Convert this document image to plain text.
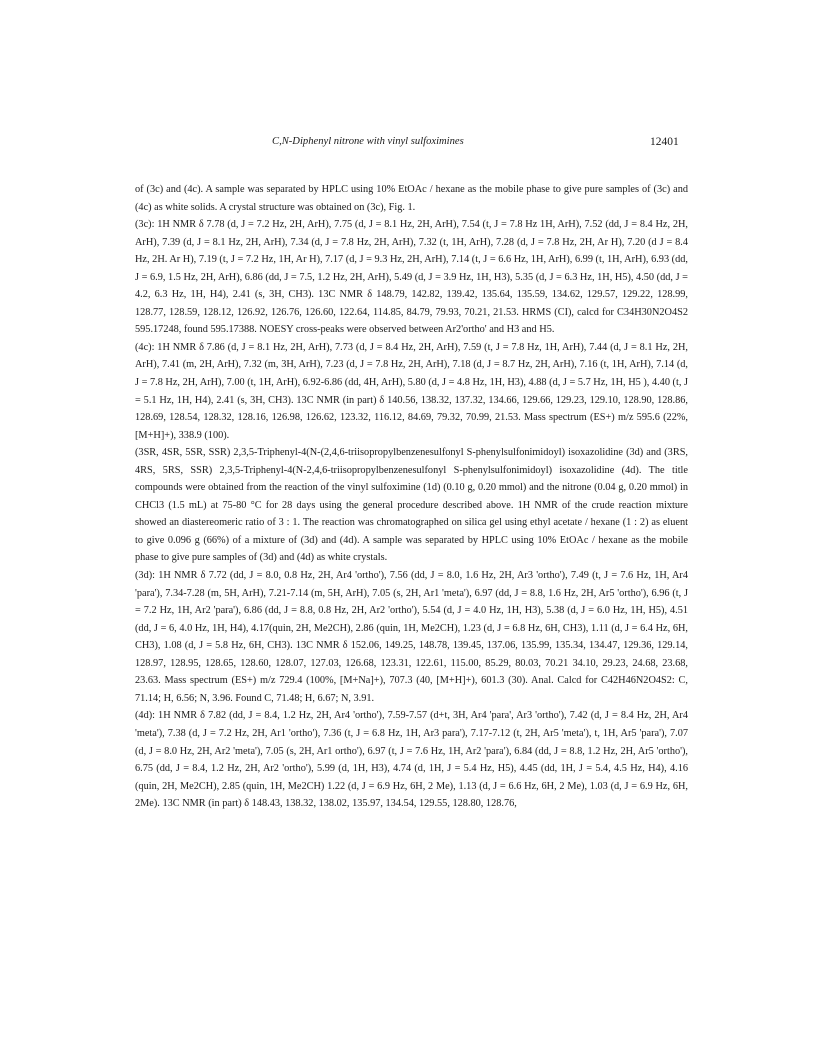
C,N-Diphenyl nitrone with vinyl sulfoximines	12401

of (3c) and (4c). A sample was separated by HPLC using 10% EtOAc / hexane as the mobile phase to give pure samples of (3c) and (4c) as white solids. A crystal structure was obtained on (3c), Fig. 1.

(3c): 1H NMR δ 7.78 (d, J = 7.2 Hz, 2H, ArH), 7.75 (d, J = 8.1 Hz, 2H, ArH), 7.54 (t, J = 7.8 Hz 1H, ArH), 7.52 (dd, J = 8.4 Hz, 2H, ArH), 7.39 (d, J = 8.1 Hz, 2H, ArH), 7.34 (d, J = 7.8 Hz, 2H, ArH), 7.32 (t, 1H, ArH), 7.28 (d, J = 7.8 Hz, 2H, Ar H), 7.20 (d J = 8.4 Hz, 2H. Ar H), 7.19 (t, J = 7.2 Hz, 1H, Ar H), 7.17 (d, J = 9.3 Hz, 2H, ArH), 7.14 (t, J = 6.6 Hz, 1H, ArH), 6.99 (t, 1H, ArH), 6.93 (dd, J = 6.9, 1.5 Hz, 2H, ArH), 6.86 (dd, J = 7.5, 1.2 Hz, 2H, ArH), 5.49 (d, J = 3.9 Hz, 1H, H3), 5.35 (d, J = 6.3 Hz, 1H, H5), 4.50 (dd, J = 4.2, 6.3 Hz, 1H, H4), 2.41 (s, 3H, CH3). 13C NMR δ 148.79, 142.82, 139.42, 135.64, 135.59, 134.62, 129.57, 129.22, 128.99, 128.77, 128.59, 128.12, 126.92, 126.76, 126.60, 122.64, 114.85, 84.79, 79.93, 70.21, 21.53. HRMS (CI), calcd for C34H30N2O4S2 595.17248, found 595.17388. NOESY cross-peaks were observed between Ar2'ortho' and H3 and H5.

(4c): 1H NMR δ 7.86 (d, J = 8.1 Hz, 2H, ArH), 7.73 (d, J = 8.4 Hz, 2H, ArH), 7.59 (t, J = 7.8 Hz, 1H, ArH), 7.44 (d, J = 8.1 Hz, 2H, ArH), 7.41 (m, 2H, ArH), 7.32 (m, 3H, ArH), 7.23 (d, J = 7.8 Hz, 2H, ArH), 7.18 (d, J = 8.7 Hz, 2H, ArH), 7.16 (t, 1H, ArH), 7.14 (d, J = 7.8 Hz, 2H, ArH), 7.00 (t, 1H, ArH), 6.92-6.86 (dd, 4H, ArH), 5.80 (d, J = 4.8 Hz, 1H, H3), 4.88 (d, J = 5.7 Hz, 1H, H5 ), 4.40 (t, J = 5.1 Hz, 1H, H4), 2.41 (s, 3H, CH3). 13C NMR (in part) δ 140.56, 138.32, 137.32, 134.66, 129.66, 129.23, 129.10, 128.90, 128.86, 128.69, 128.54, 128.32, 128.16, 126.98, 126.62, 123.32, 116.12, 84.69, 79.32, 70.99, 21.53. Mass spectrum (ES+) m/z 595.6 (22%, [M+H]+), 338.9 (100).

(3SR, 4SR, 5SR, SSR) 2,3,5-Triphenyl-4(N-(2,4,6-triisopropylbenzenesulfonyl S-phenylsulfonimidoyl) isoxazolidine (3d) and (3RS, 4RS, 5RS, SSR) 2,3,5-Triphenyl-4(N-2,4,6-triisopropylbenzenesulfonyl S-phenylsulfonimidoyl) isoxazolidine (4d). The title compounds were obtained from the reaction of the vinyl sulfoximine (1d) (0.10 g, 0.20 mmol) and the nitrone (0.04 g, 0.20 mmol) in CHCl3 (1.5 mL) at 75-80 °C for 28 days using the general procedure described above. 1H NMR of the crude reaction mixture showed an diastereomeric ratio of 3 : 1. The reaction was chromatographed on silica gel using ethyl acetate / hexane (1 : 2) as eluent to give 0.096 g (66%) of a mixture of (3d) and (4d). A sample was separated by HPLC using 10% EtOAc / hexane as the mobile phase to give pure samples of (3d) and (4d) as white crystals.

(3d): 1H NMR δ 7.72 (dd, J = 8.0, 0.8 Hz, 2H, Ar4 'ortho'), 7.56 (dd, J = 8.0, 1.6 Hz, 2H, Ar3 'ortho'), 7.49 (t, J = 7.6 Hz, 1H, Ar4 'para'), 7.34-7.28 (m, 5H, ArH), 7.21-7.14 (m, 5H, ArH), 7.05 (s, 2H, Ar1 'meta'), 6.97 (dd, J = 8.8, 1.6 Hz, 2H, Ar5 'ortho'), 6.96 (t, J = 7.2 Hz, 1H, Ar2 'para'), 6.86 (dd, J = 8.8, 0.8 Hz, 2H, Ar2 'ortho'), 5.54 (d, J = 4.0 Hz, 1H, H3), 5.38 (d, J = 6.0 Hz, 1H, H5), 4.51 (dd, J = 6, 4.0 Hz, 1H, H4), 4.17(quin, 2H, Me2CH), 2.86 (quin, 1H, Me2CH), 1.23 (d, J = 6.8 Hz, 6H, CH3), 1.11 (d, J = 6.4 Hz, 6H, CH3), 1.08 (d, J = 5.8 Hz, 6H, CH3). 13C NMR δ 152.06, 149.25, 148.78, 139.45, 137.06, 135.99, 135.34, 134.47, 129.36, 129.14, 128.97, 128.95, 128.65, 128.60, 128.07, 127.03, 126.68, 123.31, 122.61, 115.00, 85.29, 80.03, 70.21 34.10, 29.23, 24.68, 23.68, 23.63. Mass spectrum (ES+) m/z 729.4 (100%, [M+Na]+), 707.3 (40, [M+H]+), 601.3 (30). Anal. Calcd for C42H46N2O4S2: C, 71.14; H, 6.56; N, 3.96. Found C, 71.48; H, 6.67; N, 3.91.

(4d): 1H NMR δ 7.82 (dd, J = 8.4, 1.2 Hz, 2H, Ar4 'ortho'), 7.59-7.57 (d+t, 3H, Ar4 'para', Ar3 'ortho'), 7.42 (d, J = 8.4 Hz, 2H, Ar4 'meta'), 7.38 (d, J = 7.2 Hz, 2H, Ar1 'ortho'), 7.36 (t, J = 6.8 Hz, 1H, Ar3 para'), 7.17-7.12 (t, 2H, Ar5 'meta'), t, 1H, Ar5 'para'), 7.07 (d, J = 8.0 Hz, 2H, Ar2 'meta'), 7.05 (s, 2H, Ar1 ortho'), 6.97 (t, J = 7.6 Hz, 1H, Ar2 'para'), 6.84 (dd, J = 8.8, 1.2 Hz, 2H, Ar5 'ortho'), 6.75 (dd, J = 8.4, 1.2 Hz, 2H, Ar2 'ortho'), 5.99 (d, 1H, H3), 4.74 (d, 1H, J = 5.4 Hz, H5), 4.45 (dd, 1H, J = 5.4, 4.5 Hz, H4), 4.16 (quin, 2H, Me2CH), 2.85 (quin, 1H, Me2CH) 1.22 (d, J = 6.9 Hz, 6H, 2 Me), 1.13 (d, J = 6.6 Hz, 6H, 2 Me), 1.03 (d, J = 6.9 Hz, 6H, 2Me). 13C NMR (in part) δ 148.43, 138.32, 138.02, 135.97, 134.54, 129.55, 128.80, 128.76,
